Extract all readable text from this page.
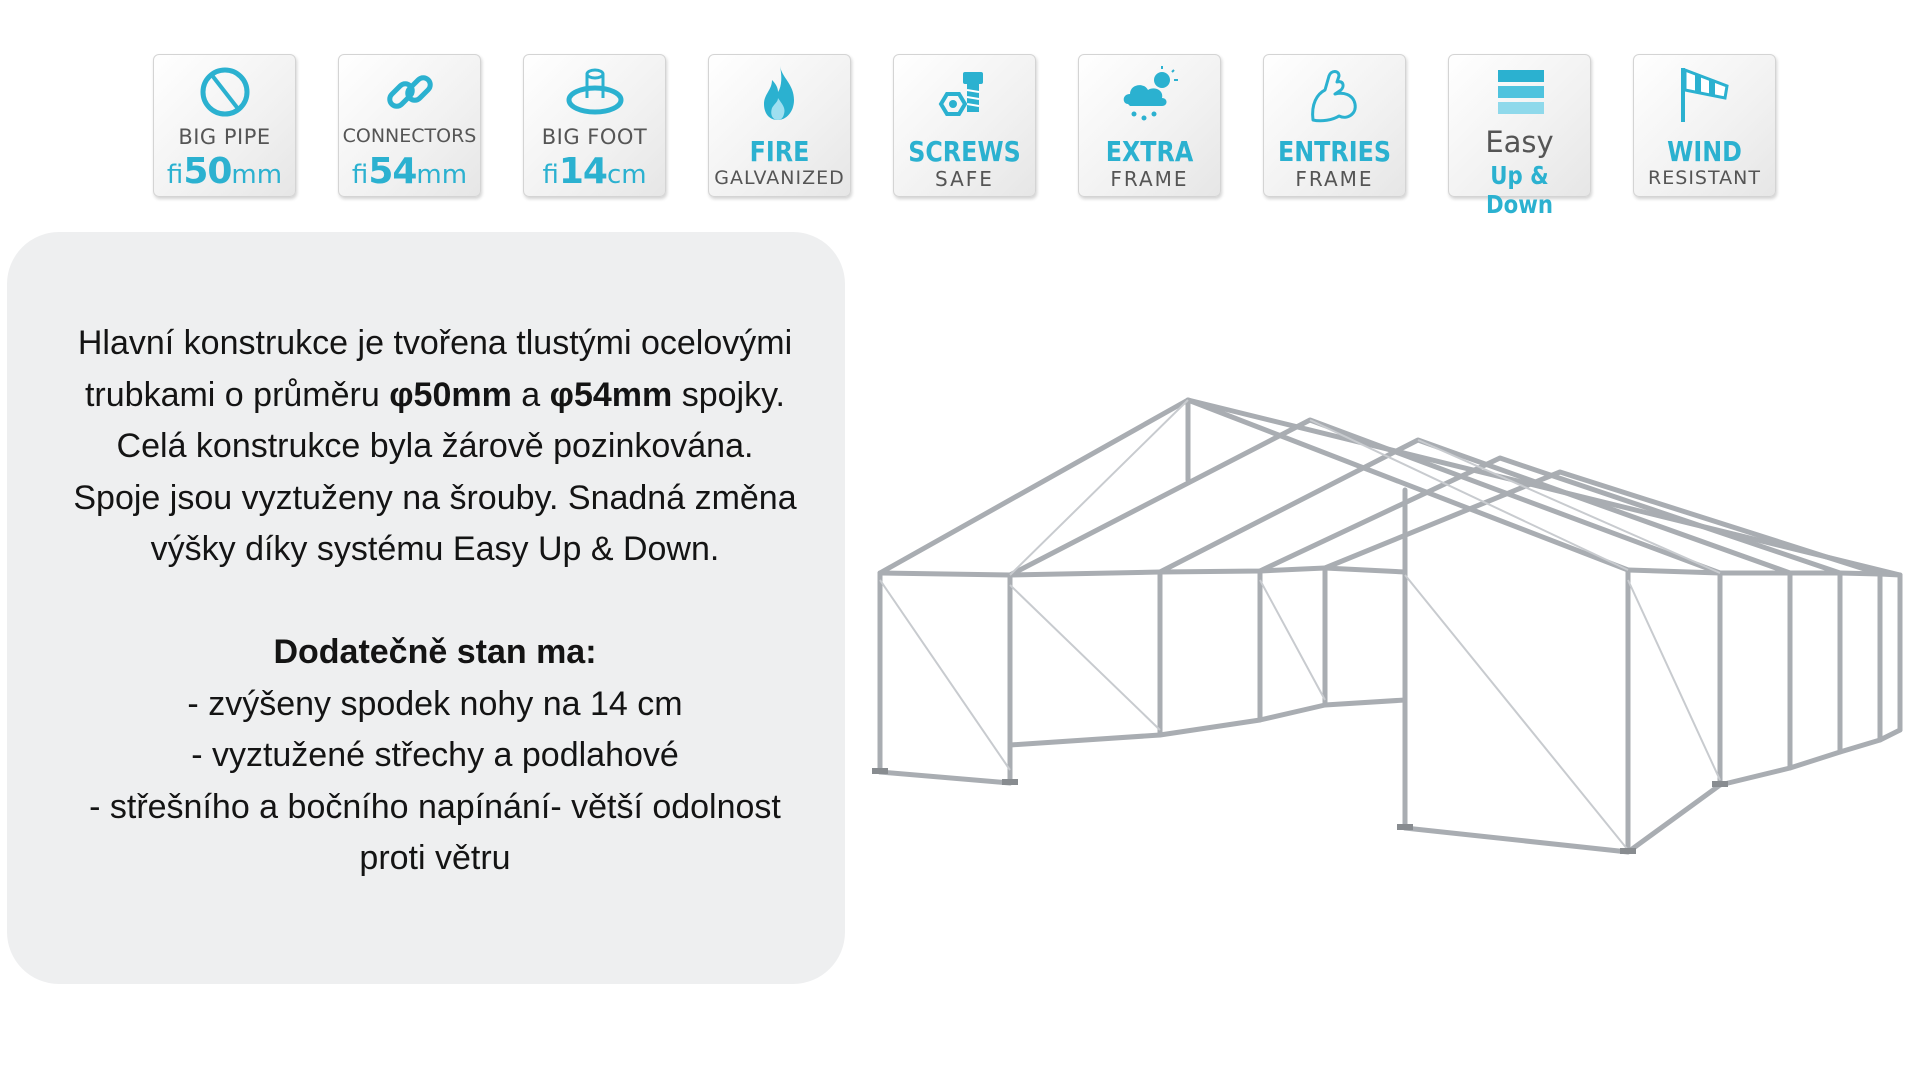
BIG PIPE
fi50mm
CONNECTORS
fi54mm
BIG FOOT
fi14cm
FIRE
GALVANIZED
SCREWS
SAFE
EXTRA
FRAME
ENTRIES
FRAME
Easy
Up & Down
WIND
RESISTANT

Hlavní konstrukce je tvořena tlustými ocelovými trubkami o průměru φ50mm a φ54mm spojky. Celá konstrukce byla žárově pozinkována. Spoje jsou vyztuženy na šrouby. Snadná změna výšky díky systému Easy Up & Down.

Dodatečně stan ma:

- zvýšeny spodek nohy na 14 cm

- vyztužené střechy a podlahové

- střešního a bočního napínání- větší odolnost proti větru
